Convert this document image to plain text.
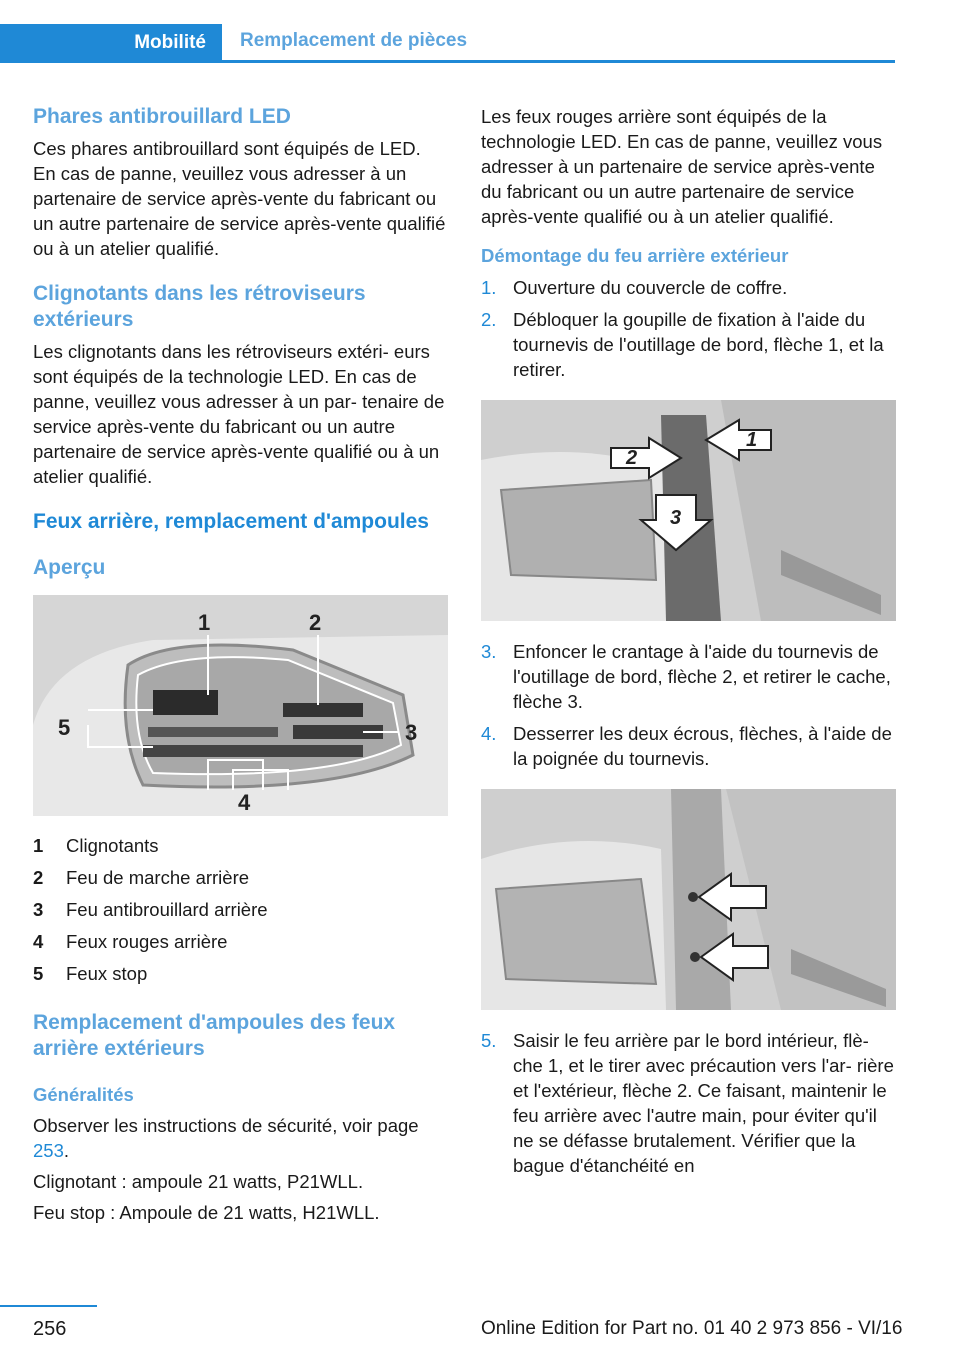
Mobilité Remplacement de pièces
Phares antibrouillard LED

Ces phares antibrouillard sont équipés de LED. En cas de panne, veuillez vous adresser à un partenaire de service après-vente du fabricant ou un autre partenaire de service après-vente qualifié ou à un atelier qualifié.

Clignotants dans les rétroviseurs extérieurs

Les clignotants dans les rétroviseurs extéri- eurs sont équipés de la technologie LED. En cas de panne, veuillez vous adresser à un par- tenaire de service après-vente du fabricant ou un autre partenaire de service après-vente qualifié ou à un atelier qualifié.

Feux arrière, remplacement d'ampoules
Aperçu
1	2
3
4
5
1	Clignotants
2	Feu de marche arrière
3	Feu antibrouillard arrière
4	Feux rouges arrière
5	Feux stop
Remplacement d'ampoules des feux arrière extérieurs
Généralités

Observer les instructions de sécurité, voir page 253.

Clignotant : ampoule 21 watts, P21WLL.

Feu stop : Ampoule de 21 watts, H21WLL.

Les feux rouges arrière sont équipés de la technologie LED. En cas de panne, veuillez vous adresser à un partenaire de service après-vente du fabricant ou un autre partenaire de service après-vente qualifié ou à un atelier qualifié.

Démontage du feu arrière extérieur
1. Ouverture du couvercle de coffre.
2. Débloquer la goupille de fixation à l'aide du tournevis de l'outillage de bord, flèche 1, et la retirer.
1
2
3
3. Enfoncer le crantage à l'aide du tournevis de l'outillage de bord, flèche 2, et retirer le cache, flèche 3.
4. Desserrer les deux écrous, flèches, à l'aide de la poignée du tournevis.
5. Saisir le feu arrière par le bord intérieur, flè- che 1, et le tirer avec précaution vers l'ar- rière et l'extérieur, flèche 2. Ce faisant, maintenir le feu arrière avec l'autre main, pour éviter qu'il ne se défasse brutalement. Vérifier que la bague d'étanchéité en
256	Online Edition for Part no. 01 40 2 973 856 - VI/16
